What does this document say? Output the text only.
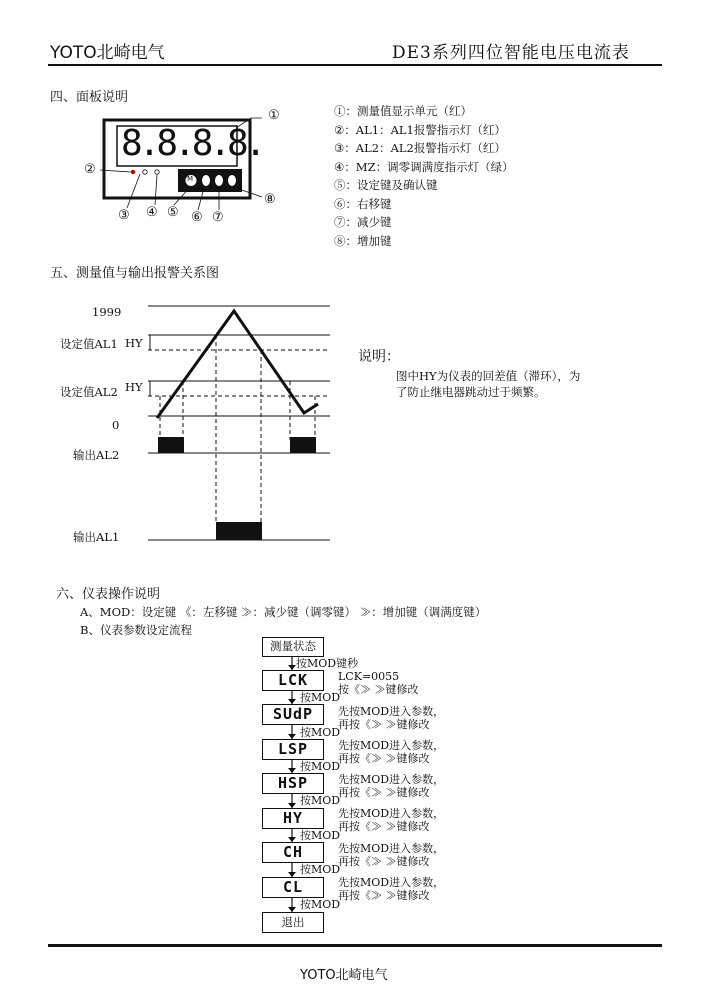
YOTO北崎电气	DE3系列四位智能电压电流表
四、面板说明
8.8.8.8.
M
①
②
③ ④ ⑤ ⑥ ⑦
⑧
①：测量值显示单元（红）
②：AL1：AL1报警指示灯（红）
③：AL2：AL2报警指示灯（红）
④：MZ：调零调满度指示灯（绿）
⑤：设定键及确认键
⑥：右移键
⑦：减少键
⑧：增加键
五、测量值与输出报警关系图
1999
设定值AL1 HY
设定值AL2 HY
0
输出AL2
输出AL1
说明：
图中HY为仪表的回差值（滞环），为
了防止继电器跳动过于频繁。
六、仪表操作说明
A、MOD：设定键 《：左移键 ≫：减少键（调零键） ≫：增加键（调满度键）
B、仪表参数设定流程
测量状态
按MOD键秒
LCK	LCK=0055
按《≫ ≫键修改
按MOD
SUdP	先按MOD进入参数，
再按《≫ ≫键修改
按MOD
LSP	先按MOD进入参数，
再按《≫ ≫键修改
按MOD
HSP	先按MOD进入参数，
再按《≫ ≫键修改
按MOD
HY	先按MOD进入参数，
再按《≫ ≫键修改
按MOD
CH	先按MOD进入参数，
再按《≫ ≫键修改
按MOD
CL	先按MOD进入参数，
再按《≫ ≫键修改
按MOD
退出
YOTO北崎电气
